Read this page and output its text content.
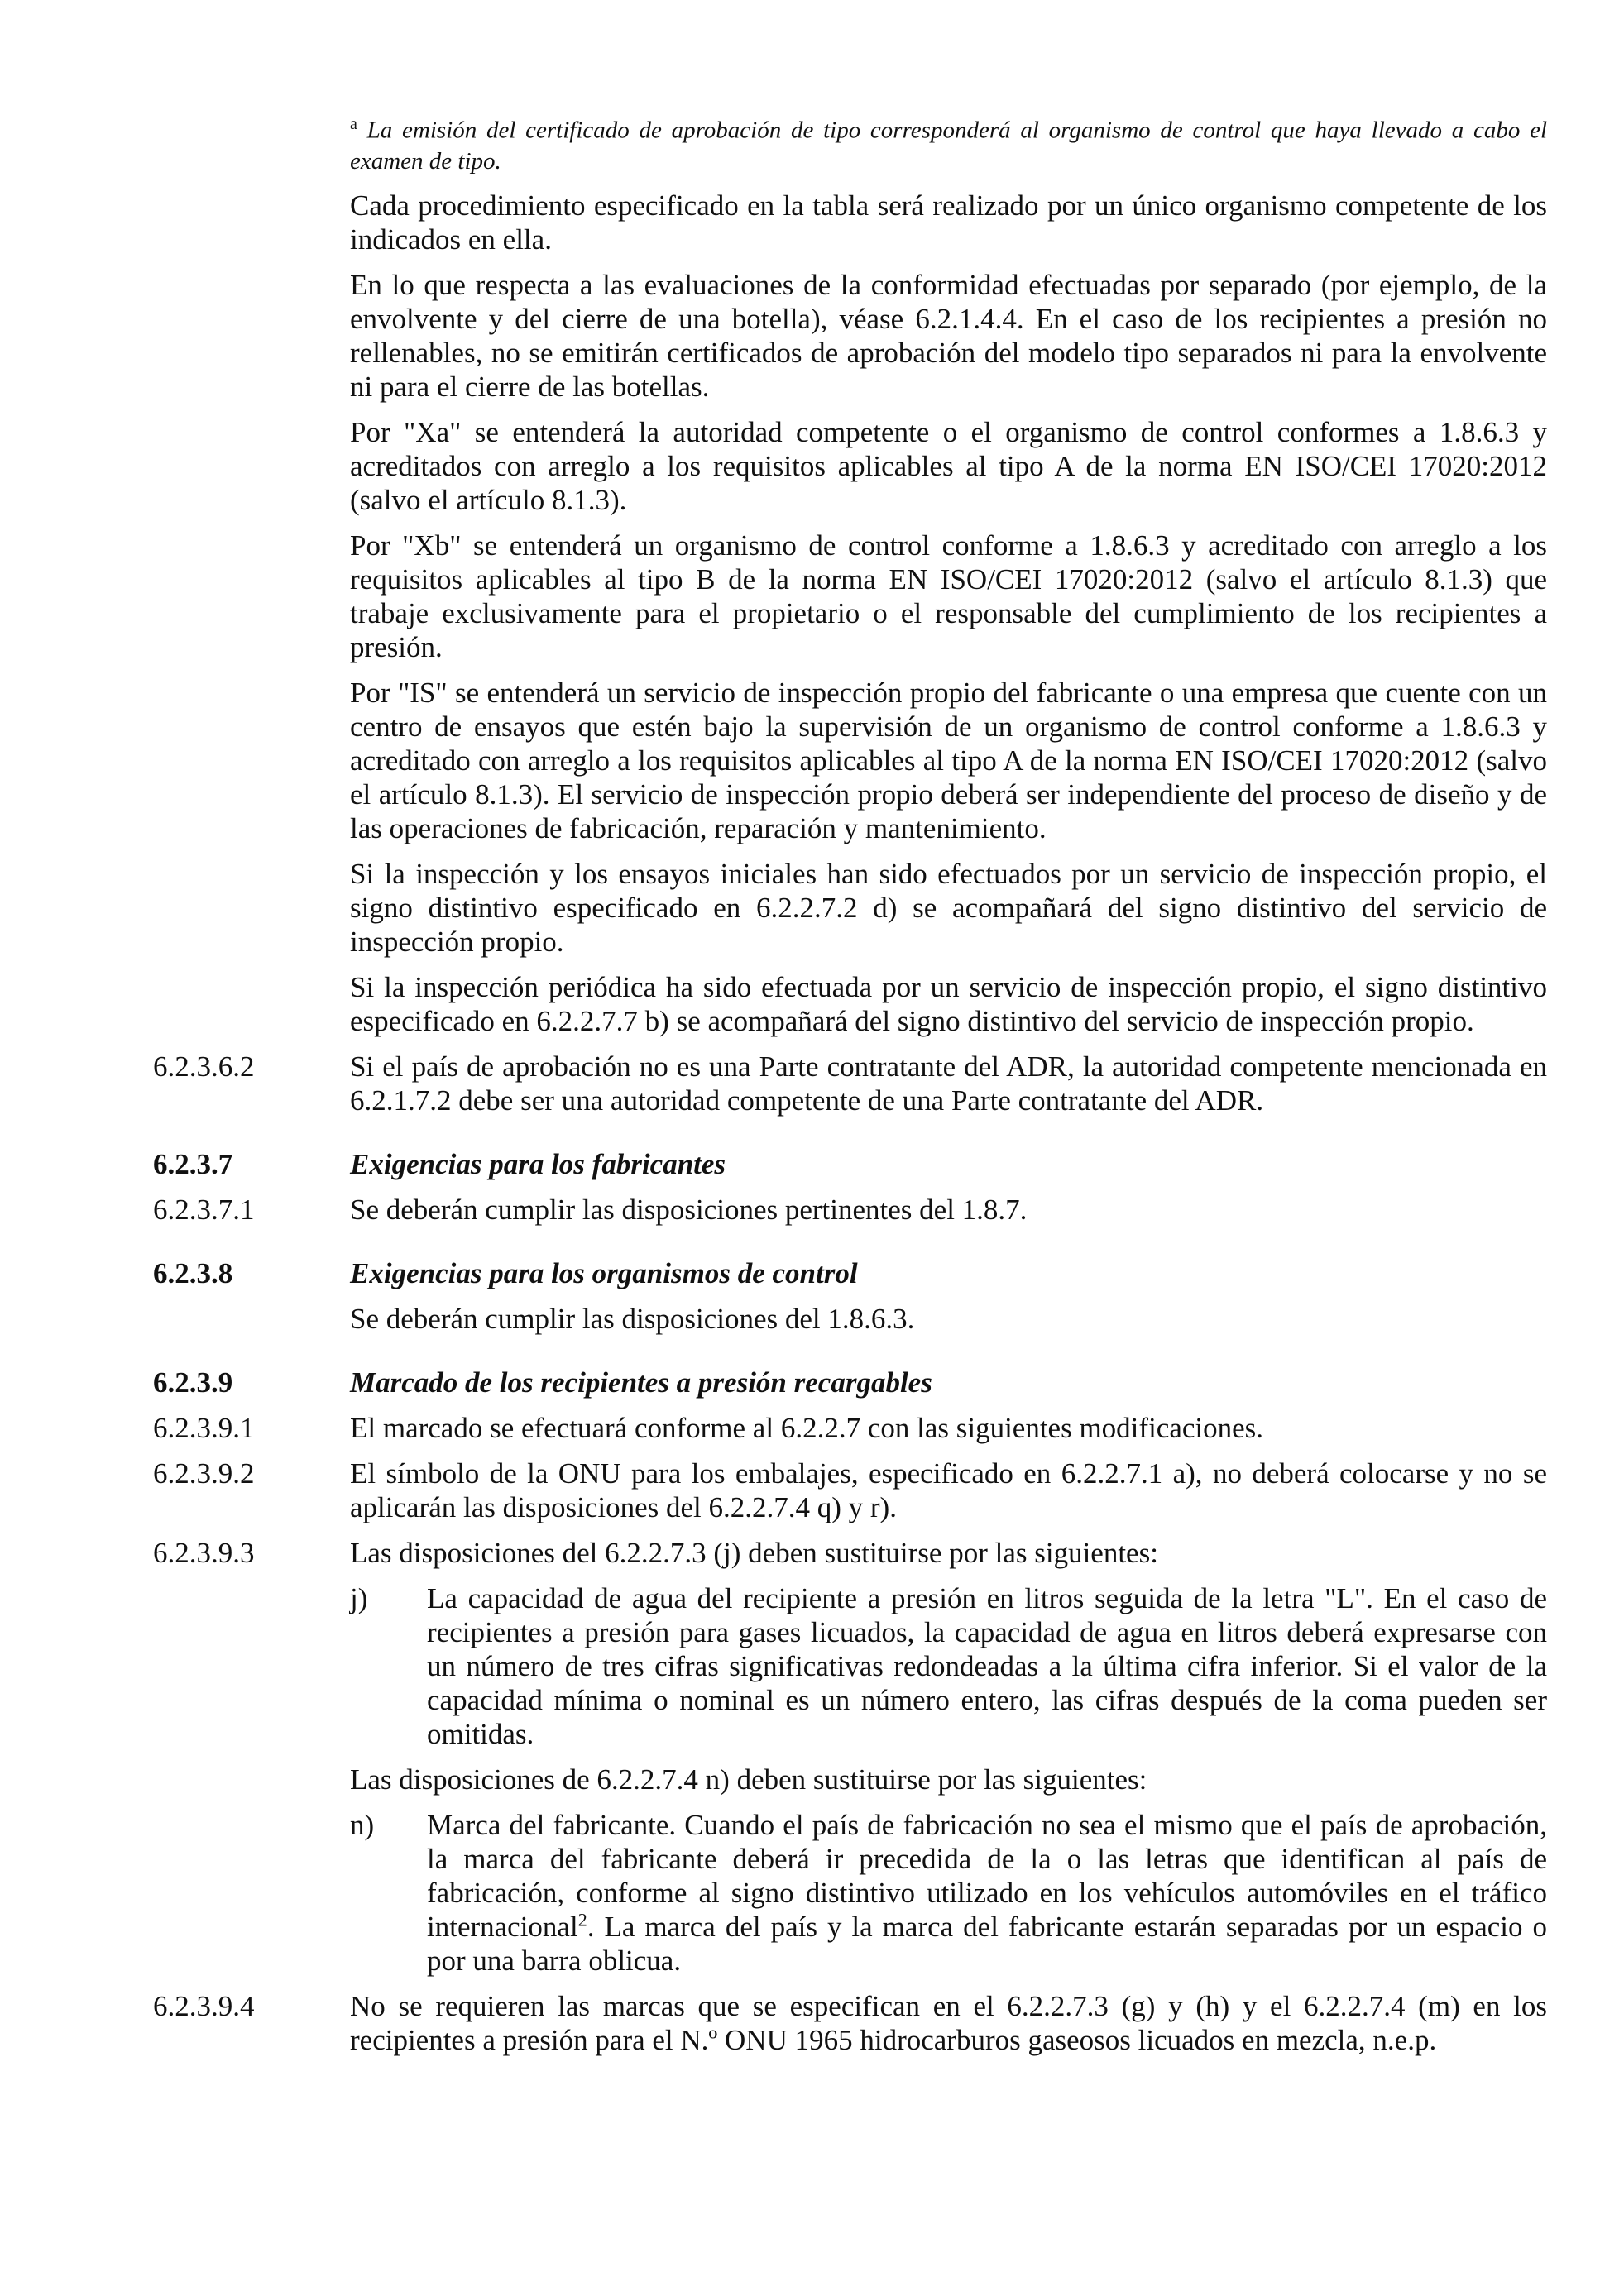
$^a$ La emisión del certificado de aprobación de tipo corresponderá al organismo de control que haya llevado a cabo el examen de tipo.

Cada procedimiento especificado en la tabla será realizado por un único organismo competente de los indicados en ella.

En lo que respecta a las evaluaciones de la conformidad efectuadas por separado (por ejemplo, de la envolvente y del cierre de una botella), véase 6.2.1.4.4. En el caso de los recipientes a presión no rellenables, no se emitirán certificados de aprobación del modelo tipo separados ni para la envolvente ni para el cierre de las botellas.

Por "Xa" se entenderá la autoridad competente o el organismo de control conformes a 1.8.6.3 y acreditados con arreglo a los requisitos aplicables al tipo A de la norma EN ISO/CEI 17020:2012 (salvo el artículo 8.1.3).

Por "Xb" se entenderá un organismo de control conforme a 1.8.6.3 y acreditado con arreglo a los requisitos aplicables al tipo B de la norma EN ISO/CEI 17020:2012 (salvo el artículo 8.1.3) que trabaje exclusivamente para el propietario o el responsable del cumplimiento de los recipientes a presión.

Por "IS" se entenderá un servicio de inspección propio del fabricante o una empresa que cuente con un centro de ensayos que estén bajo la supervisión de un organismo de control conforme a 1.8.6.3 y acreditado con arreglo a los requisitos aplicables al tipo A de la norma EN ISO/CEI 17020:2012 (salvo el artículo 8.1.3). El servicio de inspección propio deberá ser independiente del proceso de diseño y de las operaciones de fabricación, reparación y mantenimiento.

Si la inspección y los ensayos iniciales han sido efectuados por un servicio de inspección propio, el signo distintivo especificado en 6.2.2.7.2 d) se acompañará del signo distintivo del servicio de inspección propio.

Si la inspección periódica ha sido efectuada por un servicio de inspección propio, el signo distintivo especificado en 6.2.2.7.7 b) se acompañará del signo distintivo del servicio de inspección propio.

6.2.3.6.2	Si el país de aprobación no es una Parte contratante del ADR, la autoridad competente mencionada en 6.2.1.7.2 debe ser una autoridad competente de una Parte contratante del ADR.
6.2.3.7	Exigencias para los fabricantes
6.2.3.7.1	Se deberán cumplir las disposiciones pertinentes del 1.8.7.
6.2.3.8	Exigencias para los organismos de control
Se deberán cumplir las disposiciones del 1.8.6.3.
6.2.3.9	Marcado de los recipientes a presión recargables
6.2.3.9.1	El marcado se efectuará conforme al 6.2.2.7 con las siguientes modificaciones.
6.2.3.9.2	El símbolo de la ONU para los embalajes, especificado en 6.2.2.7.1 a), no deberá colocarse y no se aplicarán las disposiciones del 6.2.2.7.4 q) y r).
6.2.3.9.3	Las disposiciones del 6.2.2.7.3 (j) deben sustituirse por las siguientes:

j)	La capacidad de agua del recipiente a presión en litros seguida de la letra "L". En el caso de recipientes a presión para gases licuados, la capacidad de agua en litros deberá expresarse con un número de tres cifras significativas redondeadas a la última cifra inferior. Si el valor de la capacidad mínima o nominal es un número entero, las cifras después de la coma pueden ser omitidas.

Las disposiciones de 6.2.2.7.4 n) deben sustituirse por las siguientes:

n)	Marca del fabricante. Cuando el país de fabricación no sea el mismo que el país de aprobación, la marca del fabricante deberá ir precedida de la o las letras que identifican al país de fabricación, conforme al signo distintivo utilizado en los vehículos automóviles en el tráfico internacional$^2$. La marca del país y la marca del fabricante estarán separadas por un espacio o por una barra oblicua.
6.2.3.9.4	No se requieren las marcas que se especifican en el 6.2.2.7.3 (g) y (h) y el 6.2.2.7.4 (m) en los recipientes a presión para el N.º ONU 1965 hidrocarburos gaseosos licuados en mezcla, n.e.p.
